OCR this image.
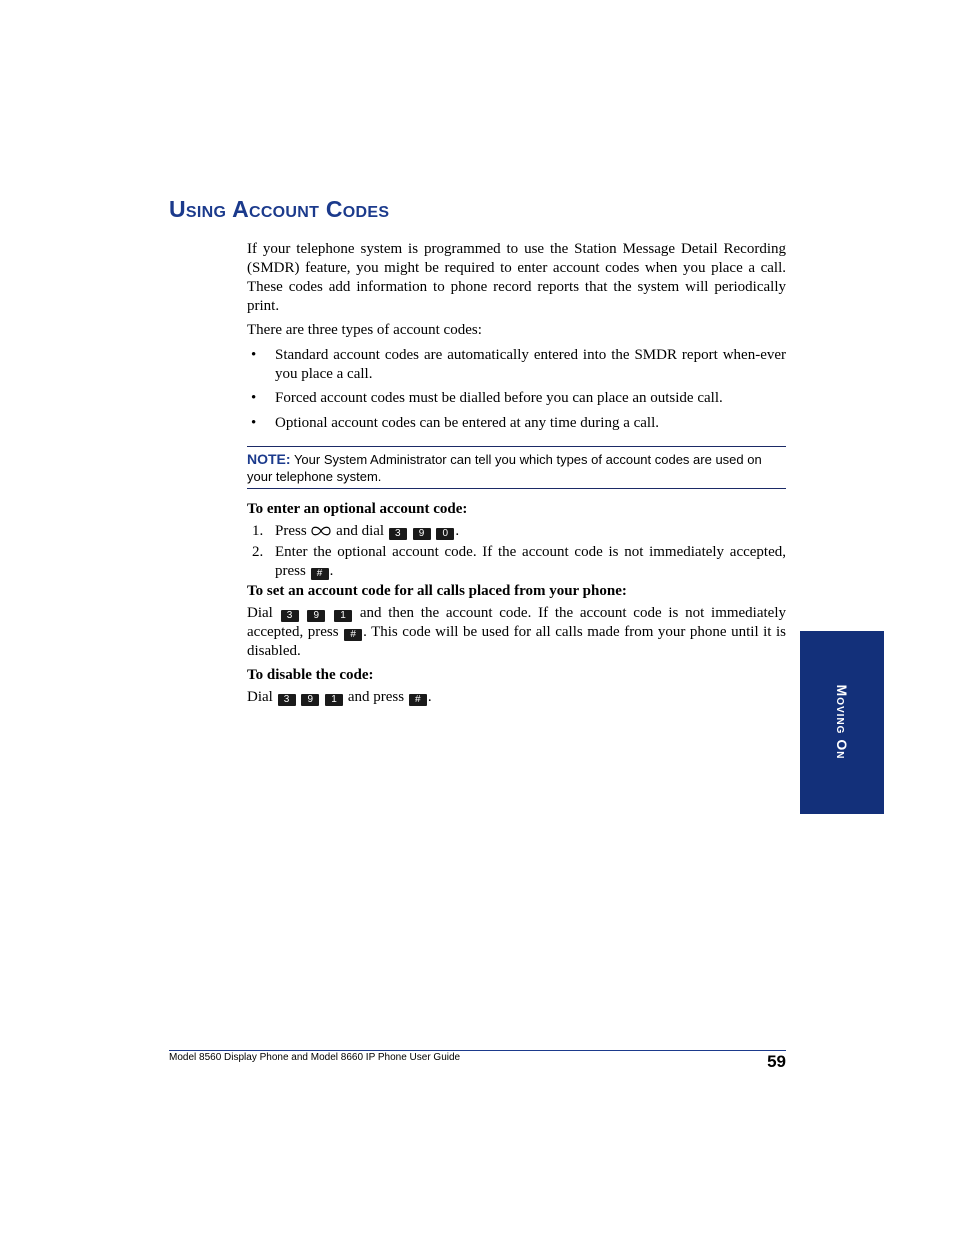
Using Account Codes

If your telephone system is programmed to use the Station Message Detail Recording (SMDR) feature, you might be required to enter account codes when you place a call. These codes add information to phone record reports that the system will periodically print.

There are three types of account codes:

• Standard account codes are automatically entered into the SMDR report when-ever you place a call.
• Forced account codes must be dialled before you can place an outside call.
• Optional account codes can be entered at any time during a call.
NOTE: Your System Administrator can tell you which types of account codes are used on your telephone system.
To enter an optional account code:
1. Press  and dial 3 9 0 .
2. Enter the optional account code. If the account code is not immediately accepted, press # .
To set an account code for all calls placed from your phone:

Dial 3 9 1 and then the account code. If the account code is not immediately accepted, press # . This code will be used for all calls made from your phone until it is disabled.

To disable the code:

Dial 3 9 1 and press # .	Moving On
Model 8560 Display Phone and Model 8660 IP Phone User Guide	59
